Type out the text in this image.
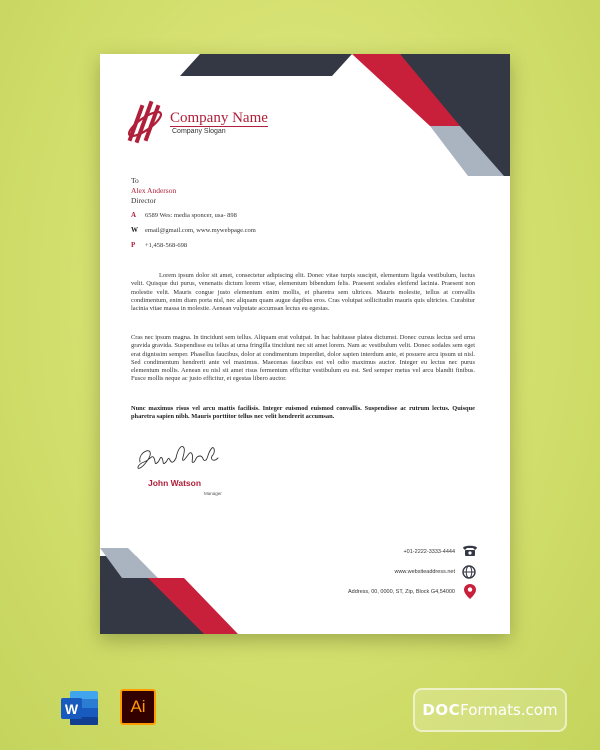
Company Name
Company Slogan
To
Alex Anderson
Director
A	6589 Wes: media sponcer, usa- 898
W	email@gmail.com, www.mywebpage.com
P	+1,458-568-698

Lorem ipsum dolor sit amet, consectetur adipiscing elit. Donec vitae turpis suscipit, elementum ligula vestibulum, luctus velit. Quisque dui purus, venenatis dictum lorem vitae, elementum bibendum felis. Praesent sodales eleifend lacinia. Praesent non molestie velit. Mauris congue justo elementum enim mollis, et pharetra sem ultrices. Mauris molestie, tellus at convallis condimentum, enim diam porta nisl, nec aliquam quam augue dapibus eros. Cras volutpat sollicitudin mauris quis ultricies. Curabitur lacinia vitae massa in molestie. Aenean vulputate accumsan lectus eu egestas.

Cras nec ipsum magna. In tincidunt sem tellus. Aliquam erat volutpat. In hac habitasse platea dictumst. Donec cursus lectus sed urna gravida gravida. Suspendisse eu tellus at urna fringilla tincidunt nec sit amet lorem. Nam ac vestibulum velit. Donec sodales sem eget erat dignissim semper. Phasellus faucibus, dolor at condimentum imperdiet, dolor sapien interdum ante, et posuere arcu ipsum ut nisl. Sed condimentum hendrerit ante vel maximus. Maecenas faucibus est vel odio maximus auctor. Integer eu lectus nec purus elementum mollis. Aenean eu nisl sit amet risus fermentum efficitur vestibulum eu est. Sed semper metus vel arcu blandit finibus. Fusce mollis neque ac justo efficitur, et egestas libero auctor.

Nunc maximus risus vel arcu mattis facilisis. Integer euismod euismod convallis. Suspendisse ac rutrum lectus. Quisque pharetra sapien nibh. Mauris porttitor tellus nec velit hendrerit accumsan.

John Marston
John Watson
Manager
+01-2222-3333-4444
www.websiteaddress.net
Address, 00, 0000, ST, Zip, Block G4,54000
W	Ai	DOC Formats.com
